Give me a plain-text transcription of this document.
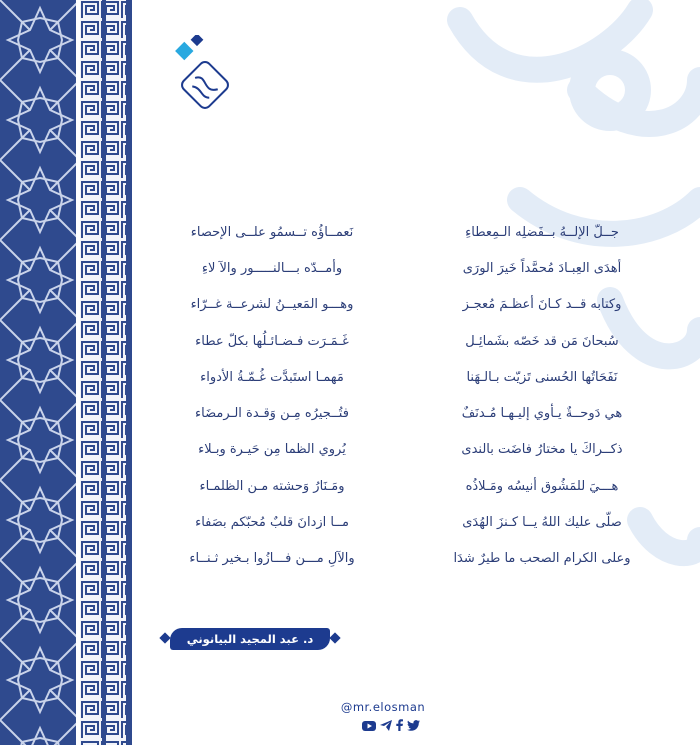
جــلّ الإلــهُ بــفَضلِه الـمِعطاءِ
نَعمــاؤُه تــسمُو علــى الإحصاء
أهدَى العِبـادَ مُحمَّداً خَيرَ الورَى
وأمــدّه بـــالنـــــور والآ لاءِ
وكتابه قــد كـانَ أعظـمَ مُعجـز
وهـــو المَعيــنُ لشرعــة غــرّاء
سُبحانَ مَن قد خَصّه بشَمائِـل
غَـمَـرَت فـضـائـلُها بكلّ عطاء
نَفَحَاتُها الحُسنى تَزيّت بـالـهَنا
مَهمـا استَبدَّت غُـمّـةُ الأدواء
هي دَوحــةٌ يـأوي إليـهـا مُـدنَفٌ
فتُــجيرُه مِـن وَقـدة الـرمضَاء
ذكــراكَ يا مختارُ فاضَت بالندى
يُروي الظما مِن حَيـرة وبـلاء
هـــيَ للمَشُوق أنيسُه ومَـلاذُه
ومَـنَارُ وَحشته مـن الظلمـاء
صلّى عليك اللهُ يــا كـنزَ الهُدَى
مــا ازدانَ قلبٌ مُحبّكم بصَفاء
وعلى الكرام الصحب ما طيرٌ شدَا
والآلِ مـــن فـــازُوا بـخير ثـنــاء
د. عبد المجيد البيانوني
@mr.elosman
